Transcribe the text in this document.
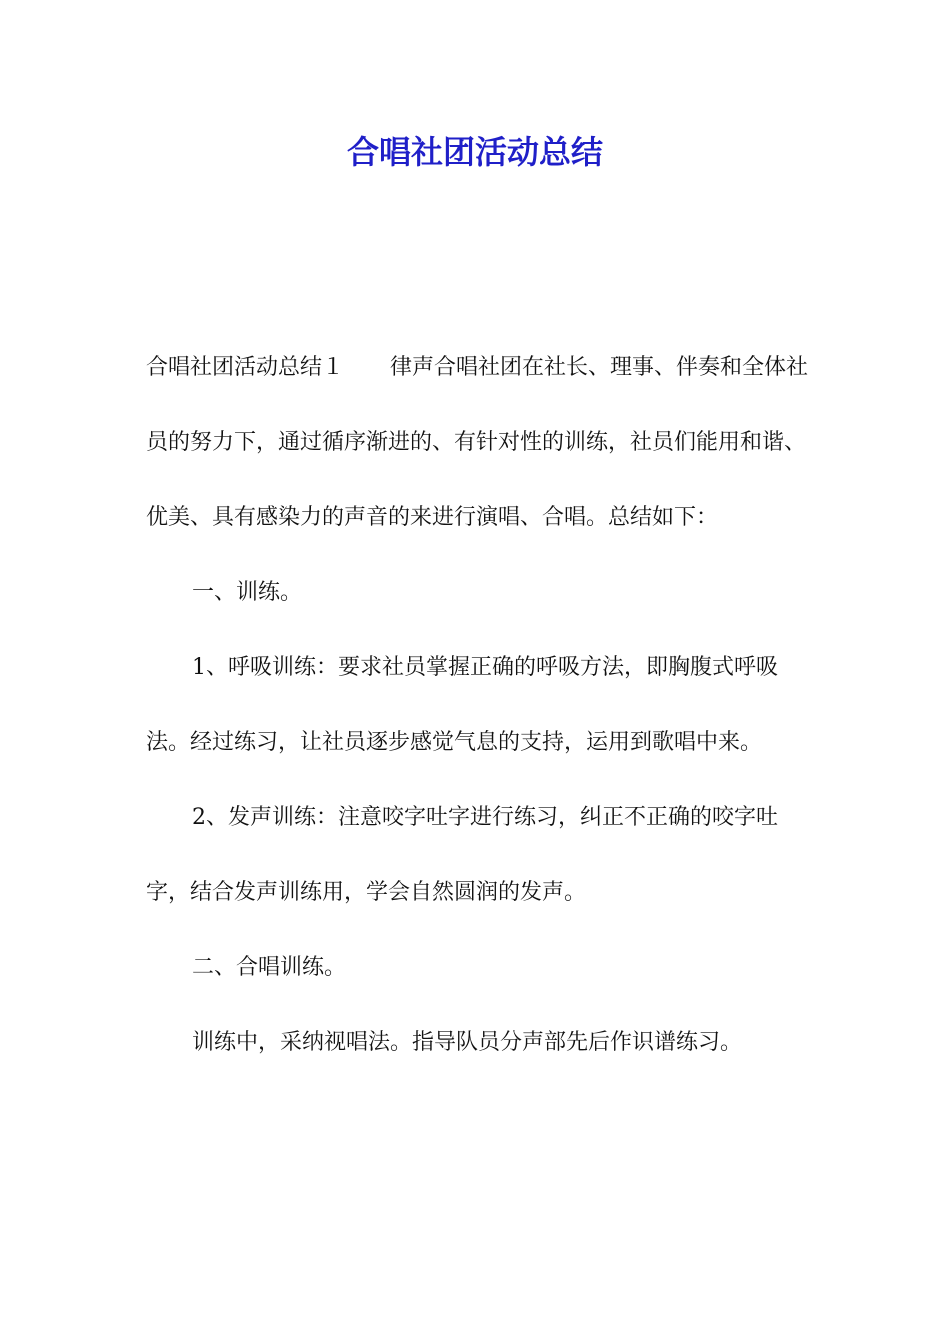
合唱社团活动总结

合唱社团活动总结１ 律声合唱社团在社长、理事、伴奏和全体社员的努力下，通过循序渐进的、有针对性的训练，社员们能用和谐、优美、具有感染力的声音的来进行演唱、合唱。总结如下：

一、训练。

1、呼吸训练：要求社员掌握正确的呼吸方法，即胸腹式呼吸法。经过练习，让社员逐步感觉气息的支持，运用到歌唱中来。

2、发声训练：注意咬字吐字进行练习，纠正不正确的咬字吐字，结合发声训练用，学会自然圆润的发声。

二、合唱训练。

训练中，采纳视唱法。指导队员分声部先后作识谱练习。
